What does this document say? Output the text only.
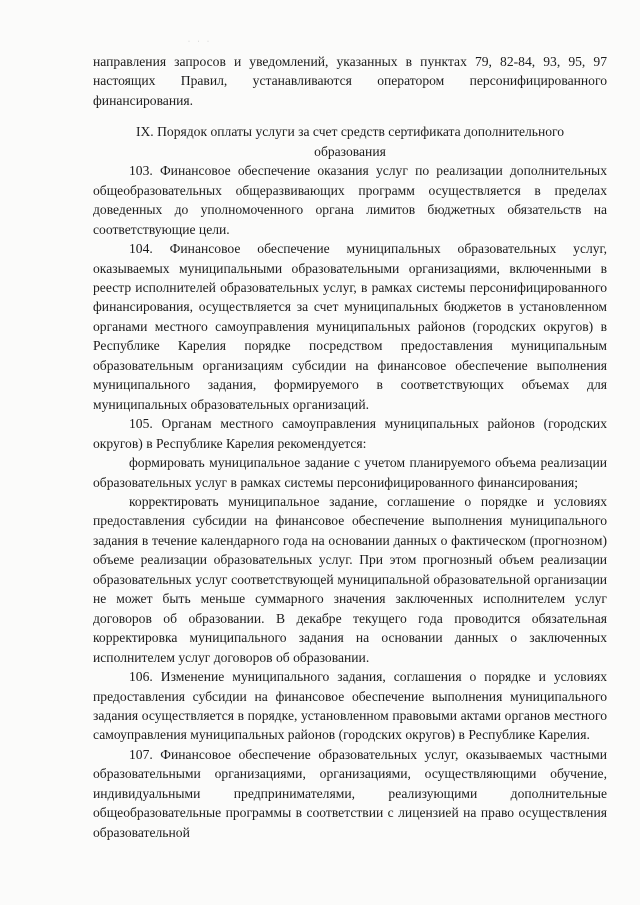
· · ·

направления запросов и уведомлений, указанных в пунктах 79, 82-84, 93, 95, 97 настоящих Правил, устанавливаются оператором персонифицированного финансирования.

IX. Порядок оплаты услуги за счет средств сертификата дополнительного образования

103. Финансовое обеспечение оказания услуг по реализации дополнительных общеобразовательных общеразвивающих программ осуществляется в пределах доведенных до уполномоченного органа лимитов бюджетных обязательств на соответствующие цели.

104. Финансовое обеспечение муниципальных образовательных услуг, оказываемых муниципальными образовательными организациями, включенными в реестр исполнителей образовательных услуг, в рамках системы персонифицированного финансирования, осуществляется за счет муниципальных бюджетов в установленном органами местного самоуправления муниципальных районов (городских округов) в Республике Карелия порядке посредством предоставления муниципальным образовательным организациям субсидии на финансовое обеспечение выполнения муниципального задания, формируемого в соответствующих объемах для муниципальных образовательных организаций.

105. Органам местного самоуправления муниципальных районов (городских округов) в Республике Карелия рекомендуется:

формировать муниципальное задание с учетом планируемого объема реализации образовательных услуг в рамках системы персонифицированного финансирования;

корректировать муниципальное задание, соглашение о порядке и условиях предоставления субсидии на финансовое обеспечение выполнения муниципального задания в течение календарного года на основании данных о фактическом (прогнозном) объеме реализации образовательных услуг. При этом прогнозный объем реализации образовательных услуг соответствующей муниципальной образовательной организации не может быть меньше суммарного значения заключенных исполнителем услуг договоров об образовании. В декабре текущего года проводится обязательная корректировка муниципального задания на основании данных о заключенных исполнителем услуг договоров об образовании.

106. Изменение муниципального задания, соглашения о порядке и условиях предоставления субсидии на финансовое обеспечение выполнения муниципального задания осуществляется в порядке, установленном правовыми актами органов местного самоуправления муниципальных районов (городских округов) в Республике Карелия.

107. Финансовое обеспечение образовательных услуг, оказываемых частными образовательными организациями, организациями, осуществляющими обучение, индивидуальными предпринимателями, реализующими дополнительные общеобразовательные программы в соответствии с лицензией на право осуществления образовательной
